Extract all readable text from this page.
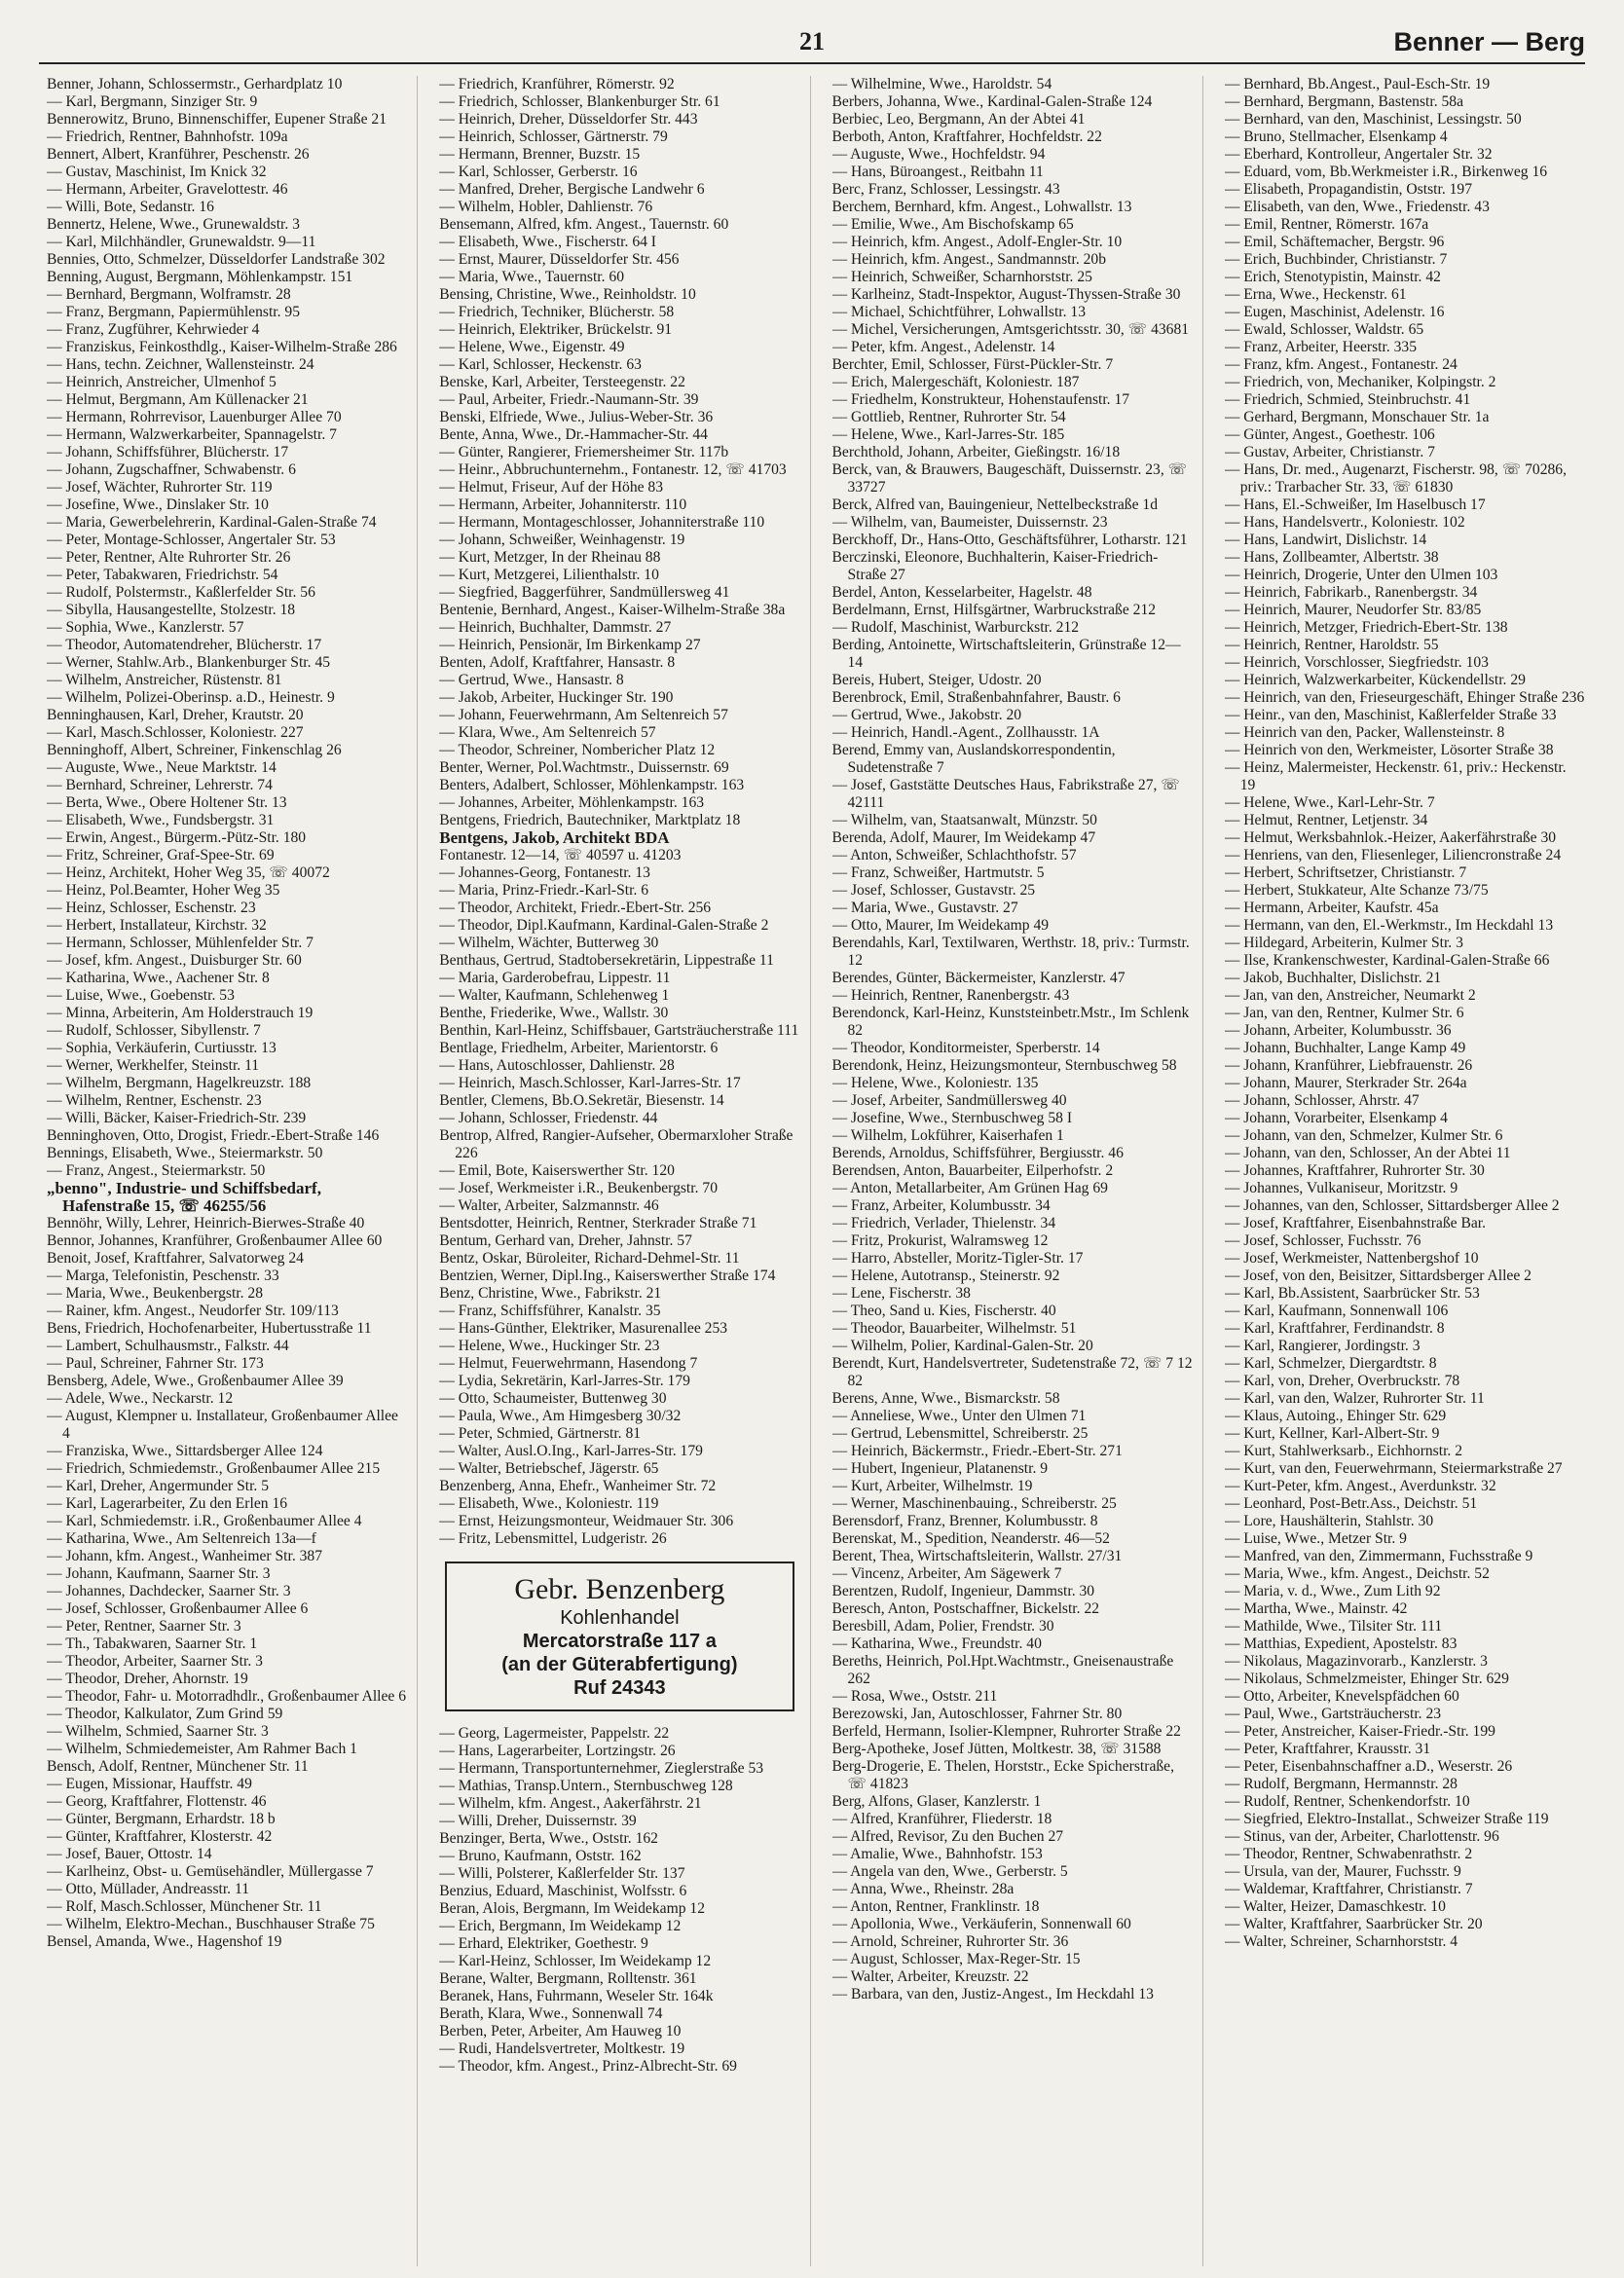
21	Benner — Berg
Benner, Johann, Schlossermstr., Gerhardplatz 10
— Karl, Bergmann, Sinziger Str. 9
Bennerowitz, Bruno, Binnenschiffer, Eupener Straße 21
— Friedrich, Rentner, Bahnhofstr. 109a
Bennert, Albert, Kranführer, Peschenstr. 26
— Gustav, Maschinist, Im Knick 32
— Hermann, Arbeiter, Gravelottestr. 46
— Willi, Bote, Sedanstr. 16
Bennertz, Helene, Wwe., Grunewaldstr. 3
— Karl, Milchhändler, Grunewaldstr. 9—11
Bennies, Otto, Schmelzer, Düsseldorfer Landstraße 302
Benning, August, Bergmann, Möhlenkampstr. 151
— Bernhard, Bergmann, Wolframstr. 28
— Franz, Bergmann, Papiermühlenstr. 95
— Franz, Zugführer, Kehrwieder 4
— Franziskus, Feinkosthdlg., Kaiser-Wilhelm-Straße 286
— Hans, techn. Zeichner, Wallensteinstr. 24
— Heinrich, Anstreicher, Ulmenhof 5
— Helmut, Bergmann, Am Küllenacker 21
— Hermann, Rohrrevisor, Lauenburger Allee 70
— Hermann, Walzwerkarbeiter, Spannagelstr. 7
— Johann, Schiffsführer, Blücherstr. 17
— Johann, Zugschaffner, Schwabenstr. 6
— Josef, Wächter, Ruhrorter Str. 119
— Josefine, Wwe., Dinslaker Str. 10
— Maria, Gewerbelehrerin, Kardinal-Galen-Straße 74
— Peter, Montage-Schlosser, Angertaler Str. 53
— Peter, Rentner, Alte Ruhrorter Str. 26
— Peter, Tabakwaren, Friedrichstr. 54
— Rudolf, Polstermstr., Kaßlerfelder Str. 56
— Sibylla, Hausangestellte, Stolzestr. 18
— Sophia, Wwe., Kanzlerstr. 57
— Theodor, Automatendreher, Blücherstr. 17
— Werner, Stahlw.Arb., Blankenburger Str. 45
— Wilhelm, Anstreicher, Rüstenstr. 81
— Wilhelm, Polizei-Oberinsp. a.D., Heinestr. 9
Benninghausen, Karl, Dreher, Krautstr. 20
— Karl, Masch.Schlosser, Koloniestr. 227
Benninghoff, Albert, Schreiner, Finkenschlag 26
— Auguste, Wwe., Neue Marktstr. 14
— Bernhard, Schreiner, Lehrerstr. 74
— Berta, Wwe., Obere Holtener Str. 13
— Elisabeth, Wwe., Fundsbergstr. 31
— Erwin, Angest., Bürgerm.-Pütz-Str. 180
— Fritz, Schreiner, Graf-Spee-Str. 69
— Heinz, Architekt, Hoher Weg 35, ☏ 40072
— Heinz, Pol.Beamter, Hoher Weg 35
— Heinz, Schlosser, Eschenstr. 23
— Herbert, Installateur, Kirchstr. 32
— Hermann, Schlosser, Mühlenfelder Str. 7
— Josef, kfm. Angest., Duisburger Str. 60
— Katharina, Wwe., Aachener Str. 8
— Luise, Wwe., Goebenstr. 53
— Minna, Arbeiterin, Am Holderstrauch 19
— Rudolf, Schlosser, Sibyllenstr. 7
— Sophia, Verkäuferin, Curtiusstr. 13
— Werner, Werkhelfer, Steinstr. 11
— Wilhelm, Bergmann, Hagelkreuzstr. 188
— Wilhelm, Rentner, Eschenstr. 23
— Willi, Bäcker, Kaiser-Friedrich-Str. 239
Benninghoven, Otto, Drogist, Friedr.-Ebert-Straße 146
Bennings, Elisabeth, Wwe., Steiermarkstr. 50
— Franz, Angest., Steiermarkstr. 50
„benno", Industrie- und Schiffsbedarf, Hafenstraße 15, ☏ 46255/56
Bennöhr, Willy, Lehrer, Heinrich-Bierwes-Straße 40
Bennor, Johannes, Kranführer, Großenbaumer Allee 60
Benoit, Josef, Kraftfahrer, Salvatorweg 24
— Marga, Telefonistin, Peschenstr. 33
— Maria, Wwe., Beukenbergstr. 28
— Rainer, kfm. Angest., Neudorfer Str. 109/113
Bens, Friedrich, Hochofenarbeiter, Hubertusstraße 11
— Lambert, Schulhausmstr., Falkstr. 44
— Paul, Schreiner, Fahrner Str. 173
Bensberg, Adele, Wwe., Großenbaumer Allee 39
— Adele, Wwe., Neckarstr. 12
— August, Klempner u. Installateur, Großenbaumer Allee 4
— Franziska, Wwe., Sittardsberger Allee 124
— Friedrich, Schmiedemstr., Großenbaumer Allee 215
— Karl, Dreher, Angermunder Str. 5
— Karl, Lagerarbeiter, Zu den Erlen 16
— Karl, Schmiedemstr. i.R., Großenbaumer Allee 4
— Katharina, Wwe., Am Seltenreich 13a—f
— Johann, kfm. Angest., Wanheimer Str. 387
— Johann, Kaufmann, Saarner Str. 3
— Johannes, Dachdecker, Saarner Str. 3
— Josef, Schlosser, Großenbaumer Allee 6
— Peter, Rentner, Saarner Str. 3
— Th., Tabakwaren, Saarner Str. 1
— Theodor, Arbeiter, Saarner Str. 3
— Theodor, Dreher, Ahornstr. 19
— Theodor, Fahr- u. Motorradhdlr., Großenbaumer Allee 6
— Theodor, Kalkulator, Zum Grind 59
— Wilhelm, Schmied, Saarner Str. 3
— Wilhelm, Schmiedemeister, Am Rahmer Bach 1
Bensch, Adolf, Rentner, Münchener Str. 11
— Eugen, Missionar, Hauffstr. 49
— Georg, Kraftfahrer, Flottenstr. 46
— Günter, Bergmann, Erhardstr. 18 b
— Günter, Kraftfahrer, Klosterstr. 42
— Josef, Bauer, Ottostr. 14
— Karlheinz, Obst- u. Gemüsehändler, Müllergasse 7
— Otto, Müllader, Andreasstr. 11
— Rolf, Masch.Schlosser, Münchener Str. 11
— Wilhelm, Elektro-Mechan., Buschhauser Straße 75
Bensel, Amanda, Wwe., Hagenshof 19
— Friedrich, Kranführer, Römerstr. 92
— Friedrich, Schlosser, Blankenburger Str. 61
— Heinrich, Dreher, Düsseldorfer Str. 443
— Heinrich, Schlosser, Gärtnerstr. 79
— Hermann, Brenner, Buzstr. 15
— Karl, Schlosser, Gerberstr. 16
— Manfred, Dreher, Bergische Landwehr 6
— Wilhelm, Hobler, Dahlienstr. 76
Bensemann, Alfred, kfm. Angest., Tauernstr. 60
— Elisabeth, Wwe., Fischerstr. 64 I
— Ernst, Maurer, Düsseldorfer Str. 456
— Maria, Wwe., Tauernstr. 60
Bensing, Christine, Wwe., Reinholdstr. 10
— Friedrich, Techniker, Blücherstr. 58
— Heinrich, Elektriker, Brückelstr. 91
— Helene, Wwe., Eigenstr. 49
— Karl, Schlosser, Heckenstr. 63
Benske, Karl, Arbeiter, Tersteegenstr. 22
— Paul, Arbeiter, Friedr.-Naumann-Str. 39
Benski, Elfriede, Wwe., Julius-Weber-Str. 36
Bente, Anna, Wwe., Dr.-Hammacher-Str. 44
— Günter, Rangierer, Friemersheimer Str. 117b
— Heinr., Abbruchunternehm., Fontanestr. 12, ☏ 41703
— Helmut, Friseur, Auf der Höhe 83
— Hermann, Arbeiter, Johanniterstr. 110
— Hermann, Montageschlosser, Johanniterstraße 110
— Johann, Schweißer, Weinhagenstr. 19
— Kurt, Metzger, In der Rheinau 88
— Kurt, Metzgerei, Lilienthalstr. 10
— Siegfried, Baggerführer, Sandmüllersweg 41
Bentenie, Bernhard, Angest., Kaiser-Wilhelm-Straße 38a
— Heinrich, Buchhalter, Dammstr. 27
— Heinrich, Pensionär, Im Birkenkamp 27
Benten, Adolf, Kraftfahrer, Hansastr. 8
— Gertrud, Wwe., Hansastr. 8
— Jakob, Arbeiter, Huckinger Str. 190
— Johann, Feuerwehrmann, Am Seltenreich 57
— Klara, Wwe., Am Seltenreich 57
— Theodor, Schreiner, Nombericher Platz 12
Benter, Werner, Pol.Wachtmstr., Duissernstr. 69
Benters, Adalbert, Schlosser, Möhlenkampstr. 163
— Johannes, Arbeiter, Möhlenkampstr. 163
Bentgens, Friedrich, Bautechniker, Marktplatz 18
Bentgens, Jakob, Architekt BDA
Fontanestr. 12—14, ☏ 40597 u. 41203
— Johannes-Georg, Fontanestr. 13
— Maria, Prinz-Friedr.-Karl-Str. 6
— Theodor, Architekt, Friedr.-Ebert-Str. 256
— Theodor, Dipl.Kaufmann, Kardinal-Galen-Straße 2
— Wilhelm, Wächter, Butterweg 30
Benthaus, Gertrud, Stadtobersekretärin, Lippestraße 11
— Maria, Garderobefrau, Lippestr. 11
— Walter, Kaufmann, Schlehenweg 1
Benthe, Friederike, Wwe., Wallstr. 30
Benthin, Karl-Heinz, Schiffsbauer, Gartsträucherstraße 111
Bentlage, Friedhelm, Arbeiter, Marientorstr. 6
— Hans, Autoschlosser, Dahlienstr. 28
— Heinrich, Masch.Schlosser, Karl-Jarres-Str. 17
Bentler, Clemens, Bb.O.Sekretär, Biesenstr. 14
— Johann, Schlosser, Friedenstr. 44
Bentrop, Alfred, Rangier-Aufseher, Obermarxloher Straße 226
— Emil, Bote, Kaiserswerther Str. 120
— Josef, Werkmeister i.R., Beukenbergstr. 70
— Walter, Arbeiter, Salzmannstr. 46
Bentsdotter, Heinrich, Rentner, Sterkrader Straße 71
Bentum, Gerhard van, Dreher, Jahnstr. 57
Bentz, Oskar, Büroleiter, Richard-Dehmel-Str. 11
Bentzien, Werner, Dipl.Ing., Kaiserswerther Straße 174
Benz, Christine, Wwe., Fabrikstr. 21
— Franz, Schiffsführer, Kanalstr. 35
— Hans-Günther, Elektriker, Masurenallee 253
— Helene, Wwe., Huckinger Str. 23
— Helmut, Feuerwehrmann, Hasendong 7
— Lydia, Sekretärin, Karl-Jarres-Str. 179
— Otto, Schaumeister, Buttenweg 30
— Paula, Wwe., Am Himgesberg 30/32
— Peter, Schmied, Gärtnerstr. 81
— Walter, Ausl.O.Ing., Karl-Jarres-Str. 179
— Walter, Betriebschef, Jägerstr. 65
Benzenberg, Anna, Ehefr., Wanheimer Str. 72
— Elisabeth, Wwe., Koloniestr. 119
— Ernst, Heizungsmonteur, Weidmauer Str. 306
— Fritz, Lebensmittel, Ludgeristr. 26
Gebr. Benzenberg
Kohlenhandel
Mercatorstraße 117 a
(an der Güterabfertigung)
Ruf 24343
— Georg, Lagermeister, Pappelstr. 22
— Hans, Lagerarbeiter, Lortzingstr. 26
— Hermann, Transportunternehmer, Zieglerstraße 53
— Mathias, Transp.Untern., Sternbuschweg 128
— Wilhelm, kfm. Angest., Aakerfährstr. 21
— Willi, Dreher, Duissernstr. 39
Benzinger, Berta, Wwe., Oststr. 162
— Bruno, Kaufmann, Oststr. 162
— Willi, Polsterer, Kaßlerfelder Str. 137
Benzius, Eduard, Maschinist, Wolfsstr. 6
Beran, Alois, Bergmann, Im Weidekamp 12
— Erich, Bergmann, Im Weidekamp 12
— Erhard, Elektriker, Goethestr. 9
— Karl-Heinz, Schlosser, Im Weidekamp 12
Berane, Walter, Bergmann, Rolltenstr. 361
Beranek, Hans, Fuhrmann, Weseler Str. 164k
Berath, Klara, Wwe., Sonnenwall 74
Berben, Peter, Arbeiter, Am Hauweg 10
— Rudi, Handelsvertreter, Moltkestr. 19
— Theodor, kfm. Angest., Prinz-Albrecht-Str. 69
— Wilhelmine, Wwe., Haroldstr. 54
Berbers, Johanna, Wwe., Kardinal-Galen-Straße 124
Berbiec, Leo, Bergmann, An der Abtei 41
Berboth, Anton, Kraftfahrer, Hochfeldstr. 22
— Auguste, Wwe., Hochfeldstr. 94
— Hans, Büroangest., Reitbahn 11
Berc, Franz, Schlosser, Lessingstr. 43
Berchem, Bernhard, kfm. Angest., Lohwallstr. 13
— Emilie, Wwe., Am Bischofskamp 65
— Heinrich, kfm. Angest., Adolf-Engler-Str. 10
— Heinrich, kfm. Angest., Sandmannstr. 20b
— Heinrich, Schweißer, Scharnhorststr. 25
— Karlheinz, Stadt-Inspektor, August-Thyssen-Straße 30
— Michael, Schichtführer, Lohwallstr. 13
— Michel, Versicherungen, Amtsgerichtsstr. 30, ☏ 43681
— Peter, kfm. Angest., Adelenstr. 14
Berchter, Emil, Schlosser, Fürst-Pückler-Str. 7
— Erich, Malergeschäft, Koloniestr. 187
— Friedhelm, Konstrukteur, Hohenstaufenstr. 17
— Gottlieb, Rentner, Ruhrorter Str. 54
— Helene, Wwe., Karl-Jarres-Str. 185
Berchthold, Johann, Arbeiter, Gießingstr. 16/18
Berck, van, & Brauwers, Baugeschäft, Duissernstr. 23, ☏ 33727
Berck, Alfred van, Bauingenieur, Nettelbeckstraße 1d
— Wilhelm, van, Baumeister, Duissernstr. 23
Berckhoff, Dr., Hans-Otto, Geschäftsführer, Lotharstr. 121
Berczinski, Eleonore, Buchhalterin, Kaiser-Friedrich-Straße 27
Berdel, Anton, Kesselarbeiter, Hagelstr. 48
Berdelmann, Ernst, Hilfsgärtner, Warbruckstraße 212
— Rudolf, Maschinist, Warburckstr. 212
Berding, Antoinette, Wirtschaftsleiterin, Grünstraße 12—14
Bereis, Hubert, Steiger, Udostr. 20
Berenbrock, Emil, Straßenbahnfahrer, Baustr. 6
— Gertrud, Wwe., Jakobstr. 20
— Heinrich, Handl.-Agent., Zollhausstr. 1A
Berend, Emmy van, Auslandskorrespondentin, Sudetenstraße 7
— Josef, Gaststätte Deutsches Haus, Fabrikstraße 27, ☏ 42111
— Wilhelm, van, Staatsanwalt, Münzstr. 50
Berenda, Adolf, Maurer, Im Weidekamp 47
— Anton, Schweißer, Schlachthofstr. 57
— Franz, Schweißer, Hartmutstr. 5
— Josef, Schlosser, Gustavstr. 25
— Maria, Wwe., Gustavstr. 27
— Otto, Maurer, Im Weidekamp 49
Berendahls, Karl, Textilwaren, Werthstr. 18, priv.: Turmstr. 12
Berendes, Günter, Bäckermeister, Kanzlerstr. 47
— Heinrich, Rentner, Ranenbergstr. 43
Berendonck, Karl-Heinz, Kunststeinbetr.Mstr., Im Schlenk 82
— Theodor, Konditormeister, Sperberstr. 14
Berendonk, Heinz, Heizungsmonteur, Sternbuschweg 58
— Helene, Wwe., Koloniestr. 135
— Josef, Arbeiter, Sandmüllersweg 40
— Josefine, Wwe., Sternbuschweg 58 I
— Wilhelm, Lokführer, Kaiserhafen 1
Berends, Arnoldus, Schiffsführer, Bergiusstr. 46
Berendsen, Anton, Bauarbeiter, Eilperhofstr. 2
— Anton, Metallarbeiter, Am Grünen Hag 69
— Franz, Arbeiter, Kolumbusstr. 34
— Friedrich, Verlader, Thielenstr. 34
— Fritz, Prokurist, Walramsweg 12
— Harro, Absteller, Moritz-Tigler-Str. 17
— Helene, Autotransp., Steinerstr. 92
— Lene, Fischerstr. 38
— Theo, Sand u. Kies, Fischerstr. 40
— Theodor, Bauarbeiter, Wilhelmstr. 51
— Wilhelm, Polier, Kardinal-Galen-Str. 20
Berendt, Kurt, Handelsvertreter, Sudetenstraße 72, ☏ 7 12 82
Berens, Anne, Wwe., Bismarckstr. 58
— Anneliese, Wwe., Unter den Ulmen 71
— Gertrud, Lebensmittel, Schreiberstr. 25
— Heinrich, Bäckermstr., Friedr.-Ebert-Str. 271
— Hubert, Ingenieur, Platanenstr. 9
— Kurt, Arbeiter, Wilhelmstr. 19
— Werner, Maschinenbauing., Schreiberstr. 25
Berensdorf, Franz, Brenner, Kolumbusstr. 8
Berenskat, M., Spedition, Neanderstr. 46—52
Berent, Thea, Wirtschaftsleiterin, Wallstr. 27/31
— Vincenz, Arbeiter, Am Sägewerk 7
Berentzen, Rudolf, Ingenieur, Dammstr. 30
Beresch, Anton, Postschaffner, Bickelstr. 22
Beresbill, Adam, Polier, Frendstr. 30
— Katharina, Wwe., Freundstr. 40
Bereths, Heinrich, Pol.Hpt.Wachtmstr., Gneisenaustraße 262
— Rosa, Wwe., Oststr. 211
Berezowski, Jan, Autoschlosser, Fahrner Str. 80
Berfeld, Hermann, Isolier-Klempner, Ruhrorter Straße 22
Berg-Apotheke, Josef Jütten, Moltkestr. 38, ☏ 31588
Berg-Drogerie, E. Thelen, Horststr., Ecke Spicherstraße, ☏ 41823
Berg, Alfons, Glaser, Kanzlerstr. 1
— Alfred, Kranführer, Fliederstr. 18
— Alfred, Revisor, Zu den Buchen 27
— Amalie, Wwe., Bahnhofstr. 153
— Angela van den, Wwe., Gerberstr. 5
— Anna, Wwe., Rheinstr. 28a
— Anton, Rentner, Franklinstr. 18
— Apollonia, Wwe., Verkäuferin, Sonnenwall 60
— Arnold, Schreiner, Ruhrorter Str. 36
— August, Schlosser, Max-Reger-Str. 15
— Walter, Arbeiter, Kreuzstr. 22
— Barbara, van den, Justiz-Angest., Im Heckdahl 13
— Bernhard, Bb.Angest., Paul-Esch-Str. 19
— Bernhard, Bergmann, Bastenstr. 58a
— Bernhard, van den, Maschinist, Lessingstr. 50
— Bruno, Stellmacher, Elsenkamp 4
— Eberhard, Kontrolleur, Angertaler Str. 32
— Eduard, vom, Bb.Werkmeister i.R., Birkenweg 16
— Elisabeth, Propagandistin, Oststr. 197
— Elisabeth, van den, Wwe., Friedenstr. 43
— Emil, Rentner, Römerstr. 167a
— Emil, Schäftemacher, Bergstr. 96
— Erich, Buchbinder, Christianstr. 7
— Erich, Stenotypistin, Mainstr. 42
— Erna, Wwe., Heckenstr. 61
— Eugen, Maschinist, Adelenstr. 16
— Ewald, Schlosser, Waldstr. 65
— Franz, Arbeiter, Heerstr. 335
— Franz, kfm. Angest., Fontanestr. 24
— Friedrich, von, Mechaniker, Kolpingstr. 2
— Friedrich, Schmied, Steinbruchstr. 41
— Gerhard, Bergmann, Monschauer Str. 1a
— Günter, Angest., Goethestr. 106
— Gustav, Arbeiter, Christianstr. 7
— Hans, Dr. med., Augenarzt, Fischerstr. 98, ☏ 70286, priv.: Trarbacher Str. 33, ☏ 61830
— Hans, El.-Schweißer, Im Haselbusch 17
— Hans, Handelsvertr., Koloniestr. 102
— Hans, Landwirt, Dislichstr. 14
— Hans, Zollbeamter, Albertstr. 38
— Heinrich, Drogerie, Unter den Ulmen 103
— Heinrich, Fabrikarb., Ranenbergstr. 34
— Heinrich, Maurer, Neudorfer Str. 83/85
— Heinrich, Metzger, Friedrich-Ebert-Str. 138
— Heinrich, Rentner, Haroldstr. 55
— Heinrich, Vorschlosser, Siegfriedstr. 103
— Heinrich, Walzwerkarbeiter, Kückendellstr. 29
— Heinrich, van den, Frieseurgeschäft, Ehinger Straße 236
— Heinr., van den, Maschinist, Kaßlerfelder Straße 33
— Heinrich van den, Packer, Wallensteinstr. 8
— Heinrich von den, Werkmeister, Lösorter Straße 38
— Heinz, Malermeister, Heckenstr. 61, priv.: Heckenstr. 19
— Helene, Wwe., Karl-Lehr-Str. 7
— Helmut, Rentner, Letjenstr. 34
— Helmut, Werksbahnlok.-Heizer, Aakerfährstraße 30
— Henriens, van den, Fliesenleger, Liliencronstraße 24
— Herbert, Schriftsetzer, Christianstr. 7
— Herbert, Stukkateur, Alte Schanze 73/75
— Hermann, Arbeiter, Kaufstr. 45a
— Hermann, van den, El.-Werkmstr., Im Heckdahl 13
— Hildegard, Arbeiterin, Kulmer Str. 3
— Ilse, Krankenschwester, Kardinal-Galen-Straße 66
— Jakob, Buchhalter, Dislichstr. 21
— Jan, van den, Anstreicher, Neumarkt 2
— Jan, van den, Rentner, Kulmer Str. 6
— Johann, Arbeiter, Kolumbusstr. 36
— Johann, Buchhalter, Lange Kamp 49
— Johann, Kranführer, Liebfrauenstr. 26
— Johann, Maurer, Sterkrader Str. 264a
— Johann, Schlosser, Ahrstr. 47
— Johann, Vorarbeiter, Elsenkamp 4
— Johann, van den, Schmelzer, Kulmer Str. 6
— Johann, van den, Schlosser, An der Abtei 11
— Johannes, Kraftfahrer, Ruhrorter Str. 30
— Johannes, Vulkaniseur, Moritzstr. 9
— Johannes, van den, Schlosser, Sittardsberger Allee 2
— Josef, Kraftfahrer, Eisenbahnstraße Bar.
— Josef, Schlosser, Fuchsstr. 76
— Josef, Werkmeister, Nattenbergshof 10
— Josef, von den, Beisitzer, Sittardsberger Allee 2
— Karl, Bb.Assistent, Saarbrücker Str. 53
— Karl, Kaufmann, Sonnenwall 106
— Karl, Kraftfahrer, Ferdinandstr. 8
— Karl, Rangierer, Jordingstr. 3
— Karl, Schmelzer, Diergardtstr. 8
— Karl, von, Dreher, Overbruckstr. 78
— Karl, van den, Walzer, Ruhrorter Str. 11
— Klaus, Autoing., Ehinger Str. 629
— Kurt, Kellner, Karl-Albert-Str. 9
— Kurt, Stahlwerksarb., Eichhornstr. 2
— Kurt, van den, Feuerwehrmann, Steiermarkstraße 27
— Kurt-Peter, kfm. Angest., Averdunkstr. 32
— Leonhard, Post-Betr.Ass., Deichstr. 51
— Lore, Haushälterin, Stahlstr. 30
— Luise, Wwe., Metzer Str. 9
— Manfred, van den, Zimmermann, Fuchsstraße 9
— Maria, Wwe., kfm. Angest., Deichstr. 52
— Maria, v. d., Wwe., Zum Lith 92
— Martha, Wwe., Mainstr. 42
— Mathilde, Wwe., Tilsiter Str. 111
— Matthias, Expedient, Apostelstr. 83
— Nikolaus, Magazinvorarb., Kanzlerstr. 3
— Nikolaus, Schmelzmeister, Ehinger Str. 629
— Otto, Arbeiter, Knevelspfädchen 60
— Paul, Wwe., Gartsträucherstr. 23
— Peter, Anstreicher, Kaiser-Friedr.-Str. 199
— Peter, Kraftfahrer, Krausstr. 31
— Peter, Eisenbahnschaffner a.D., Weserstr. 26
— Rudolf, Bergmann, Hermannstr. 28
— Rudolf, Rentner, Schenkendorfstr. 10
— Siegfried, Elektro-Installat., Schweizer Straße 119
— Stinus, van der, Arbeiter, Charlottenstr. 96
— Theodor, Rentner, Schwabenrathstr. 2
— Ursula, van der, Maurer, Fuchsstr. 9
— Waldemar, Kraftfahrer, Christianstr. 7
— Walter, Heizer, Damaschkestr. 10
— Walter, Kraftfahrer, Saarbrücker Str. 20
— Walter, Schreiner, Scharnhorststr. 4
